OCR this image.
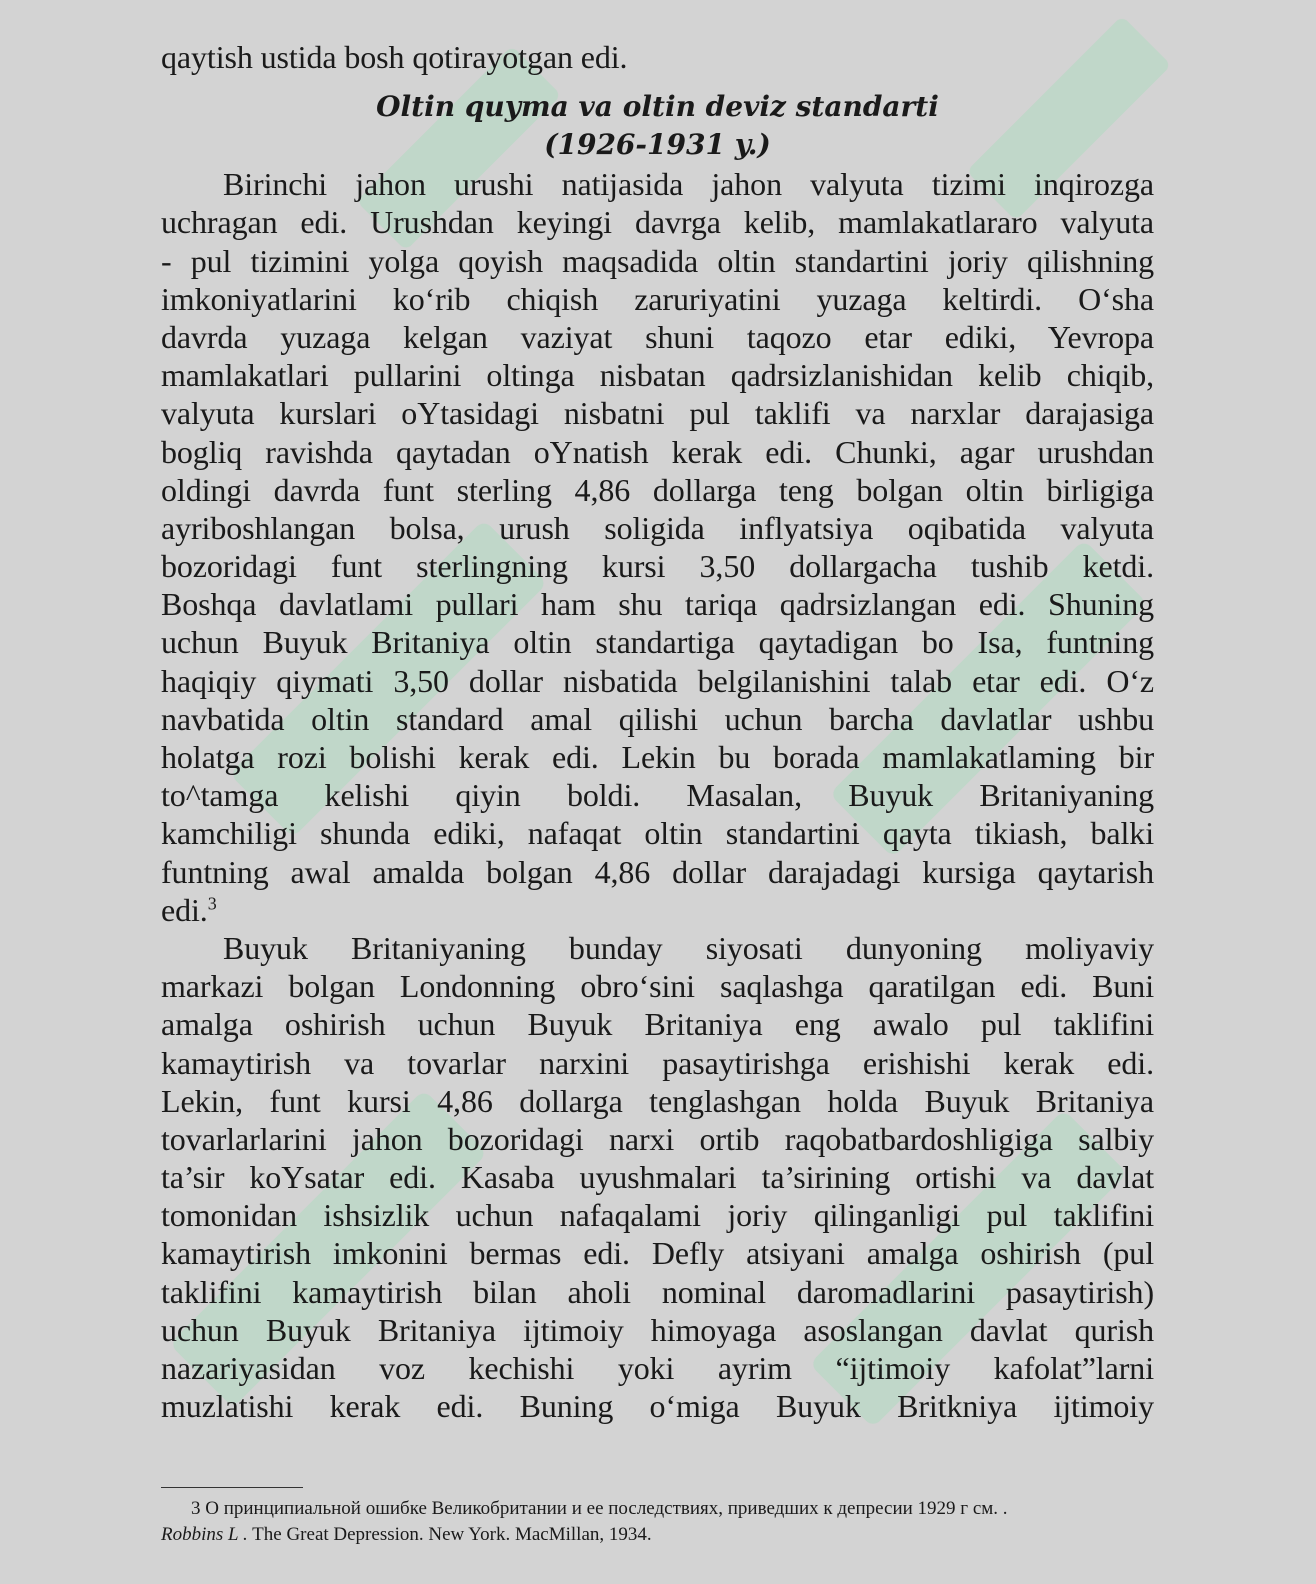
qaytish ustida bosh qotirayotgan edi.
Oltin quyma va oltin deviz standarti
(1926-1931 y.)
Birinchi jahon urushi natijasida jahon valyuta tizimi inqirozga
uchragan edi. Urushdan keyingi davrga kelib, mamlakatlararo valyuta
- pul tizimini yolga qoyish maqsadida oltin standartini joriy qilishning
imkoniyatlarini ko‘rib chiqish zaruriyatini yuzaga keltirdi. O‘sha
davrda yuzaga kelgan vaziyat shuni taqozo etar ediki, Yevropa
mamlakatlari pullarini oltinga nisbatan qadrsizlanishidan kelib chiqib,
valyuta kurslari oYtasidagi nisbatni pul taklifi va narxlar darajasiga
bogliq ravishda qaytadan oYnatish kerak edi. Chunki, agar urushdan
oldingi davrda funt sterling 4,86 dollarga teng bolgan oltin birligiga
ayriboshlangan bolsa, urush soligida inflyatsiya oqibatida valyuta
bozoridagi funt sterlingning kursi 3,50 dollargacha tushib ketdi.
Boshqa davlatlami pullari ham shu tariqa qadrsizlangan edi. Shuning
uchun Buyuk Britaniya oltin standartiga qaytadigan bo Isa, funtning
haqiqiy qiymati 3,50 dollar nisbatida belgilanishini talab etar edi. O‘z
navbatida oltin standard amal qilishi uchun barcha davlatlar ushbu
holatga rozi bolishi kerak edi. Lekin bu borada mamlakatlaming bir
to^tamga kelishi qiyin boldi. Masalan, Buyuk Britaniyaning
kamchiligi shunda ediki, nafaqat oltin standartini qayta tikiash, balki
funtning awal amalda bolgan 4,86 dollar darajadagi kursiga qaytarish
edi.$^3$
Buyuk Britaniyaning bunday siyosati dunyoning moliyaviy
markazi bolgan Londonning obro‘sini saqlashga qaratilgan edi. Buni
amalga oshirish uchun Buyuk Britaniya eng awalo pul taklifini
kamaytirish va tovarlar narxini pasaytirishga erishishi kerak edi.
Lekin, funt kursi 4,86 dollarga tenglashgan holda Buyuk Britaniya
tovarlarlarini jahon bozoridagi narxi ortib raqobatbardoshligiga salbiy
ta’sir koYsatar edi. Kasaba uyushmalari ta’sirining ortishi va davlat
tomonidan ishsizlik uchun nafaqalami joriy qilinganligi pul taklifini
kamaytirish imkonini bermas edi. Defly atsiyani amalga oshirish (pul
taklifini kamaytirish bilan aholi nominal daromadlarini pasaytirish)
uchun Buyuk Britaniya ijtimoiy himoyaga asoslangan davlat qurish
nazariyasidan voz kechishi yoki ayrim “ijtimoiy kafolat”larni
muzlatishi kerak edi. Buning o‘miga Buyuk Britkniya ijtimoiy
3 О принципиальной ошибке Великобритании и ее последствиях, приведших к депресии 1929 г см. .
Robbins L . The Great Depression. New York. MacMillan, 1934.
